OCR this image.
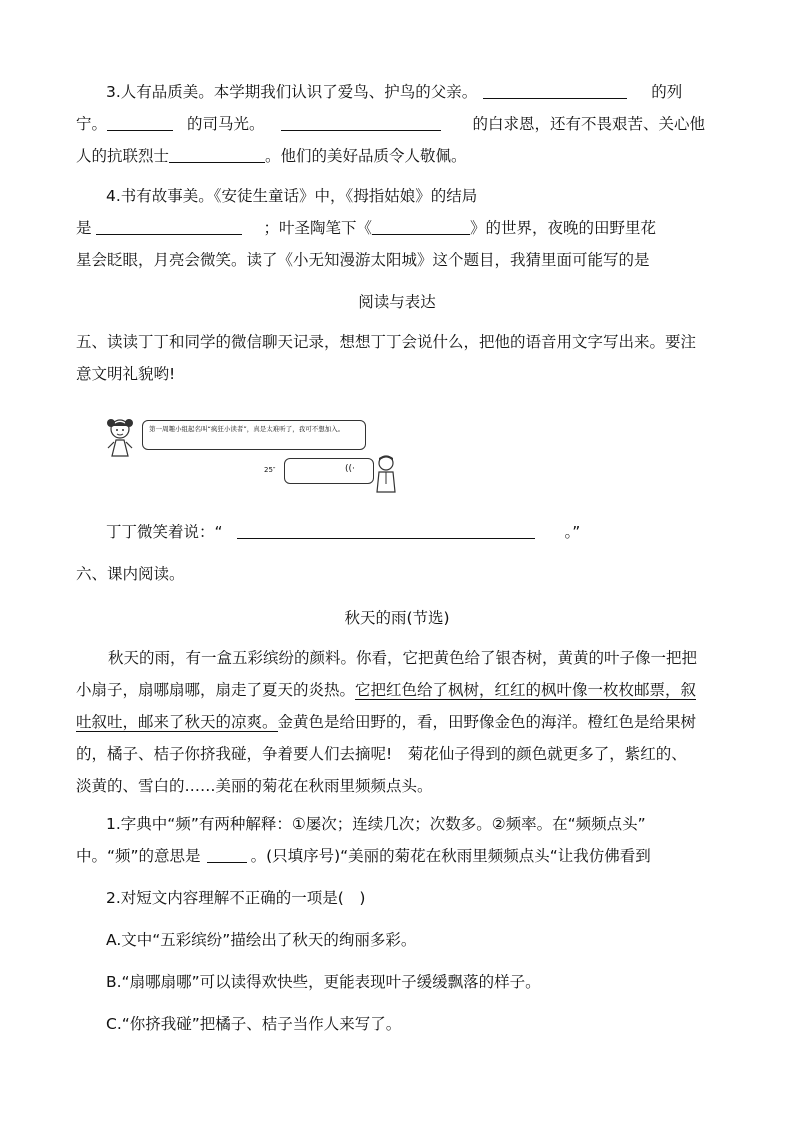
3.人有品质美。本学期我们认识了爱鸟、护鸟的父亲。	的列
宁。	的司马光。	的白求恩，还有不畏艰苦、关心他
人的抗联烈士	。他们的美好品质令人敬佩。
4.书有故事美。《安徒生童话》中，《拇指姑娘》的结局
是	；叶圣陶笔下《	》的世界，夜晚的田野里花
星会眨眼，月亮会微笑。读了《小无知漫游太阳城》这个题目，我猜里面可能写的是
阅读与表达
五、读读丁丁和同学的微信聊天记录，想想丁丁会说什么，把他的语音用文字写出来。要注
意文明礼貌哟!
第一周趣小组起名叫“疯狂小读者”，真是太难听了，我可不想加入。
25″	((·
丁丁微笑着说：“	。”
六、课内阅读。
秋天的雨(节选)
秋天的雨，有一盒五彩缤纷的颜料。你看，它把黄色给了银杏树，黄黄的叶子像一把把
小扇子，扇哪扇哪，扇走了夏天的炎热。它把红色给了枫树，红红的枫叶像一枚枚邮票，叙
吐叙吐，邮来了秋天的凉爽。金黄色是给田野的，看，田野像金色的海洋。橙红色是给果树
的，橘子、桔子你挤我碰，争着要人们去摘呢!　菊花仙子得到的颜色就更多了，紫红的、
淡黄的、雪白的……美丽的菊花在秋雨里频频点头。
1.字典中“频”有两种解释：①屡次；连续几次；次数多。②频率。在“频频点头”
中。“频”的意思是	。(只填序号)“美丽的菊花在秋雨里频频点头“让我仿佛看到
2.对短文内容理解不正确的一项是(　)
A.文中“五彩缤纷”描绘出了秋天的绚丽多彩。
B.“扇哪扇哪”可以读得欢快些，更能表现叶子缓缓飘落的样子。
C.“你挤我碰”把橘子、桔子当作人来写了。
